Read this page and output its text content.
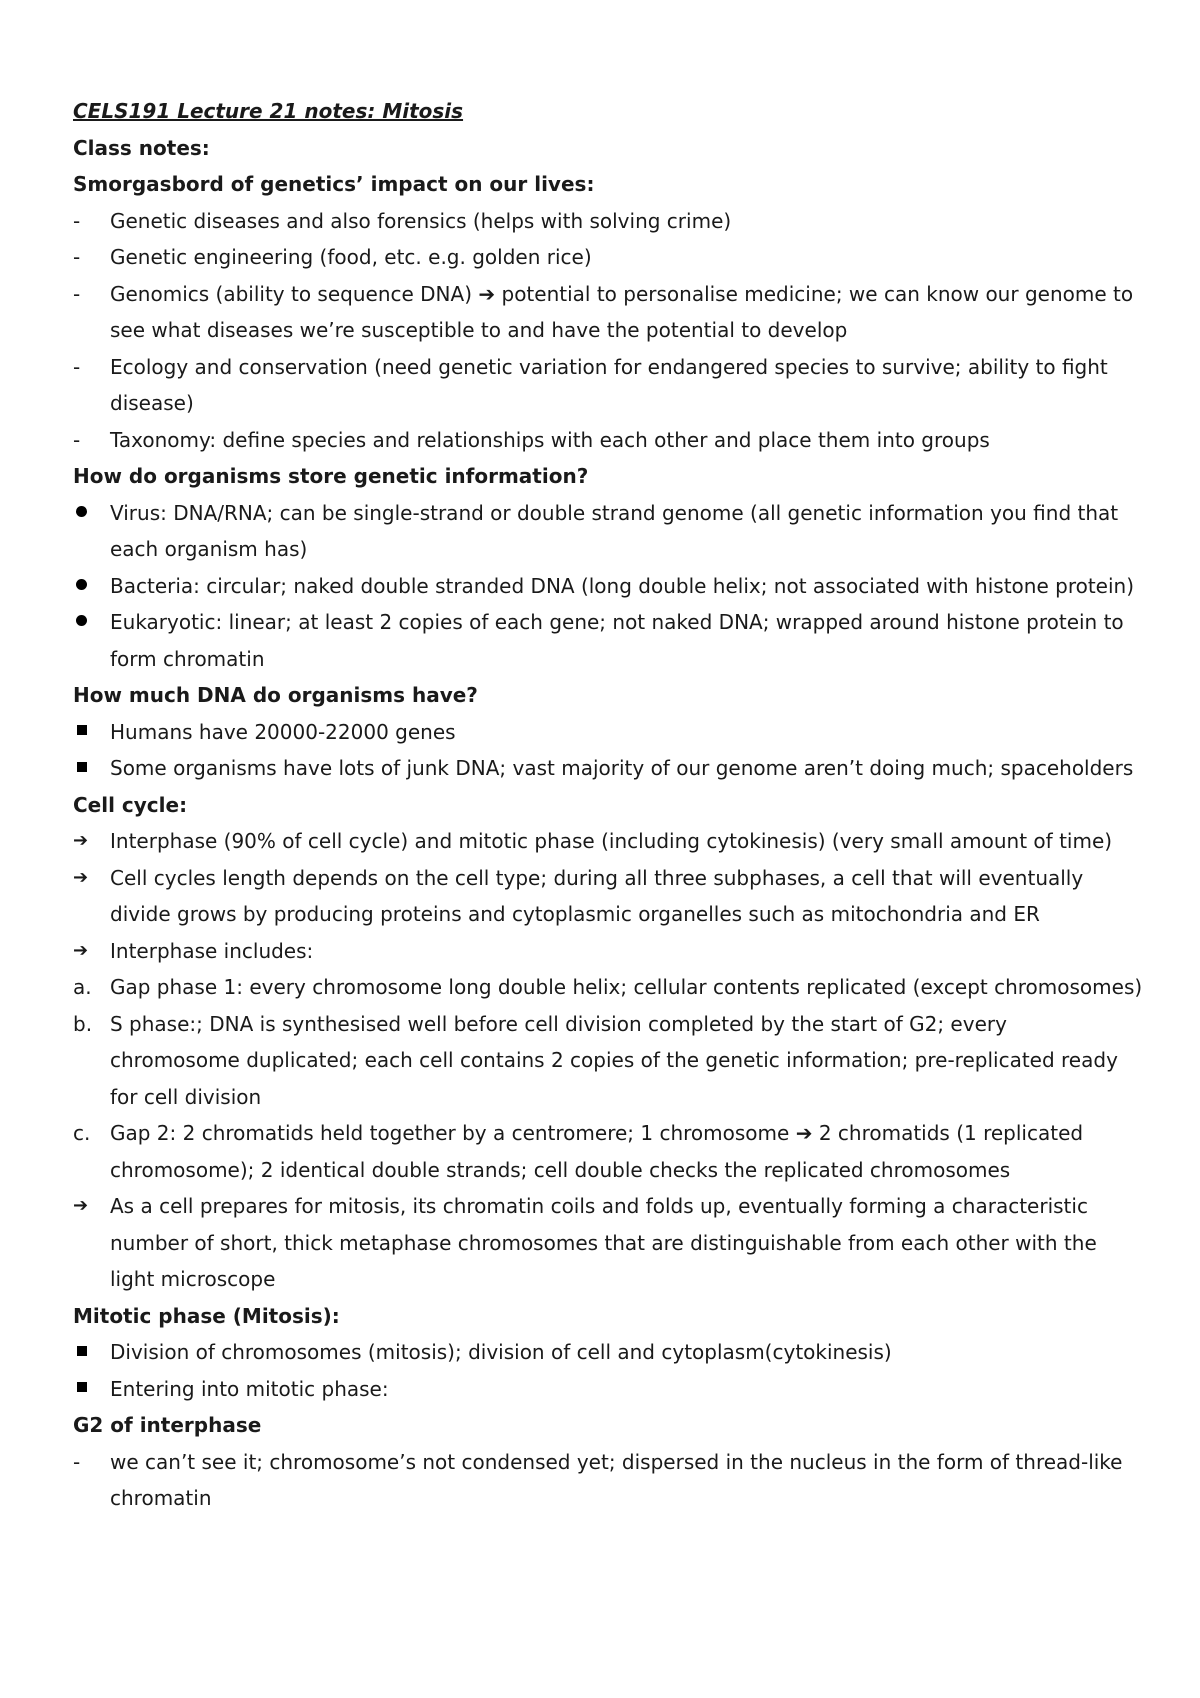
CELS191 Lecture 21 notes: Mitosis
Class notes:
Smorgasbord of genetics’ impact on our lives:
-	Genetic diseases and also forensics (helps with solving crime)
-	Genetic engineering (food, etc. e.g. golden rice)
-	Genomics (ability to sequence DNA) ➔ potential to personalise medicine; we can know our genome to see what diseases we’re susceptible to and have the potential to develop
-	Ecology and conservation (need genetic variation for endangered species to survive; ability to fight disease)
-	Taxonomy: define species and relationships with each other and place them into groups
How do organisms store genetic information?
Virus: DNA/RNA; can be single-strand or double strand genome (all genetic information you find that each organism has)
Bacteria: circular; naked double stranded DNA (long double helix; not associated with histone protein)
Eukaryotic: linear; at least 2 copies of each gene; not naked DNA; wrapped around histone protein to form chromatin
How much DNA do organisms have?
Humans have 20000-22000 genes
Some organisms have lots of junk DNA; vast majority of our genome aren’t doing much; spaceholders
Cell cycle:
➔	Interphase (90% of cell cycle) and mitotic phase (including cytokinesis) (very small amount of time)
➔	Cell cycles length depends on the cell type; during all three subphases, a cell that will eventually divide grows by producing proteins and cytoplasmic organelles such as mitochondria and ER
➔	Interphase includes:
a. Gap phase 1: every chromosome long double helix; cellular contents replicated (except chromosomes)
b. S phase:; DNA is synthesised well before cell division completed by the start of G2; every chromosome duplicated; each cell contains 2 copies of the genetic information; pre-replicated ready for cell division
c. Gap 2: 2 chromatids held together by a centromere; 1 chromosome ➔ 2 chromatids (1 replicated chromosome); 2 identical double strands; cell double checks the replicated chromosomes
➔	As a cell prepares for mitosis, its chromatin coils and folds up, eventually forming a characteristic number of short, thick metaphase chromosomes that are distinguishable from each other with the light microscope
Mitotic phase (Mitosis):
Division of chromosomes (mitosis); division of cell and cytoplasm(cytokinesis)
Entering into mitotic phase:
G2 of interphase
-	we can’t see it; chromosome’s not condensed yet; dispersed in the nucleus in the form of thread-like chromatin
